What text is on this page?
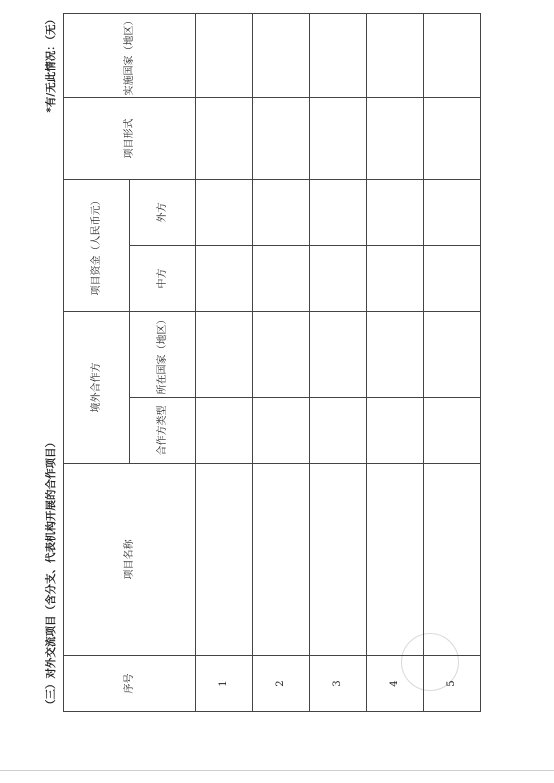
（三）对外交流项目（含分支、代表机构开展的合作项目）
*有/无此情况：（无）
序号	项目名称	境外合作方		项目资金（人民币元）		项目形式	实施国家（地区）
		合作方类型	所在国家（地区）	中方	外方		
1							
2							
3							
4							
5							
